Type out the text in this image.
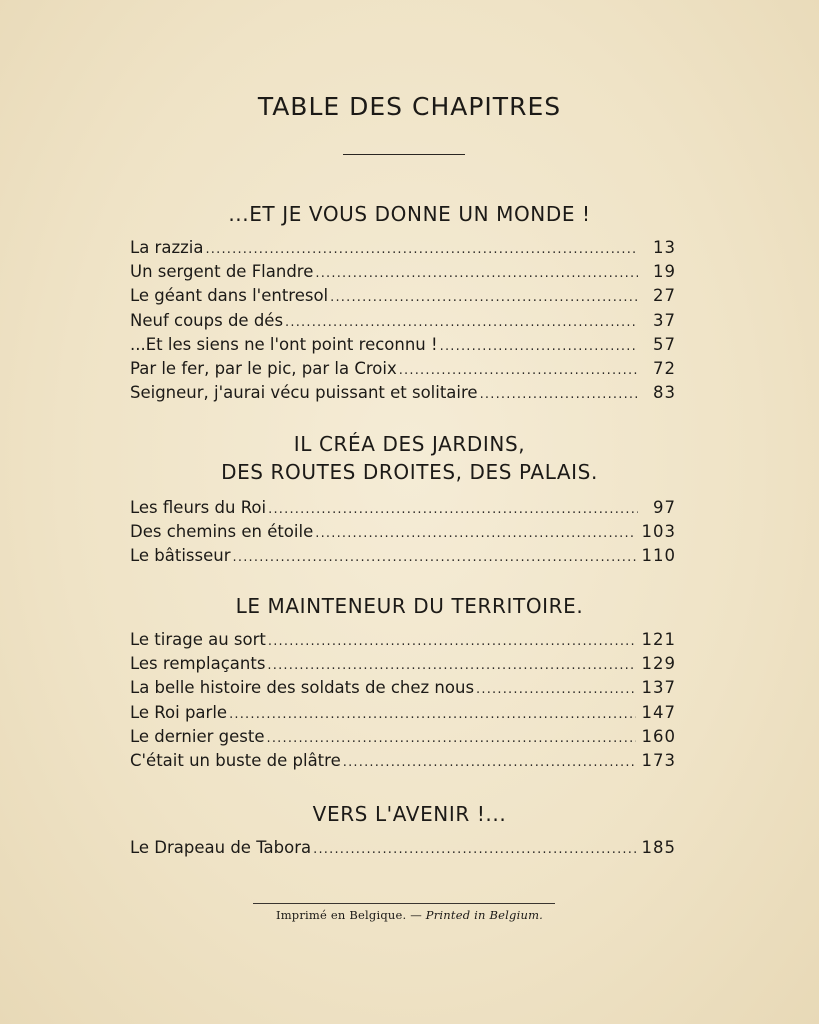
TABLE DES CHAPITRES
...ET JE VOUS DONNE UN MONDE !
La razzia .....	13
Un sergent de Flandre .....	19
Le géant dans l'entresol .....	27
Neuf coups de dés .....	37
...Et les siens ne l'ont point reconnu ! .....	57
Par le fer, par le pic, par la Croix .....	72
Seigneur, j'aurai vécu puissant et solitaire .....	83
IL CRÉA DES JARDINS,
DES ROUTES DROITES, DES PALAIS.
Les fleurs du Roi .....	97
Des chemins en étoile .....	103
Le bâtisseur .....	110
LE MAINTENEUR DU TERRITOIRE.
Le tirage au sort .....	121
Les remplaçants .....	129
La belle histoire des soldats de chez nous .....	137
Le Roi parle .....	147
Le dernier geste .....	160
C'était un buste de plâtre .....	173
VERS L'AVENIR !...
Le Drapeau de Tabora .....	185
Imprimé en Belgique. — Printed in Belgium.
